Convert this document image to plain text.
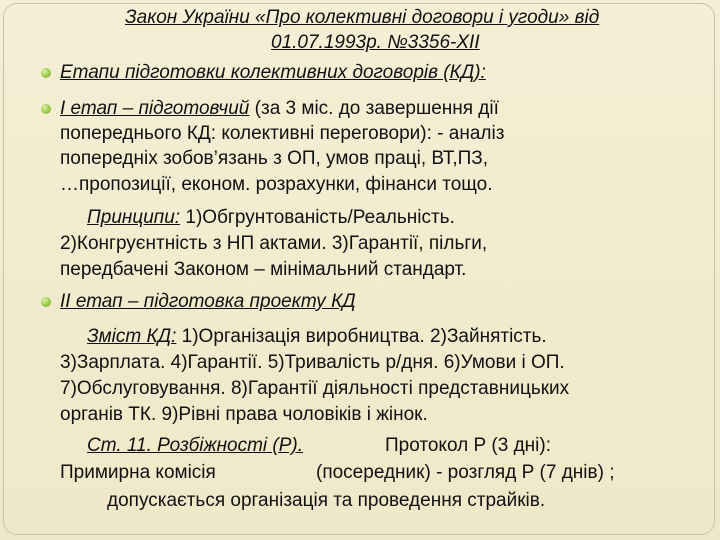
Закон України «Про колективні договори і угоди» від
01.07.1993р. №3356-XII
Етапи підготовки колективних договорів (КД):
І етап – підготовчий (за 3 міс. до завершення дії
попереднього КД: колективні переговори): - аналіз
попередніх зобов’язань з ОП, умов праці, ВТ,ПЗ,
…пропозиції, економ. розрахунки, фінанси тощо.
Принципи: 1)Обгрунтованість/Реальність.
2)Конгруєнтність з НП актами. 3)Гарантії, пільги,
передбачені Законом – мінімальний стандарт.
ІІ етап – підготовка проекту КД
Зміст КД: 1)Організація виробництва. 2)Зайнятість.
3)Зарплата. 4)Гарантії. 5)Тривалість р/дня. 6)Умови і ОП.
7)Обслуговування. 8)Гарантії діяльності представницьких
органів ТК. 9)Рівні права чоловіків і жінок.
Ст. 11. Розбіжності (Р).	Протокол Р (3 дні):
Примирна комісія	(посередник) - розгляд Р (7 днів) ;
допускається організація та проведення страйків.
